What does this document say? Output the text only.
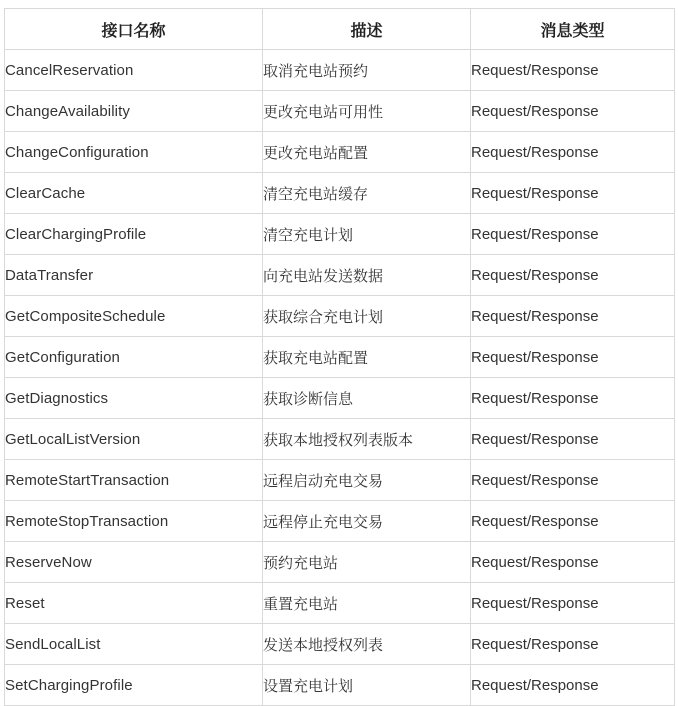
接口名称	描述	消息类型
CancelReservation	取消充电站预约	Request/Response
ChangeAvailability	更改充电站可用性	Request/Response
ChangeConfiguration	更改充电站配置	Request/Response
ClearCache	清空充电站缓存	Request/Response
ClearChargingProfile	清空充电计划	Request/Response
DataTransfer	向充电站发送数据	Request/Response
GetCompositeSchedule	获取综合充电计划	Request/Response
GetConfiguration	获取充电站配置	Request/Response
GetDiagnostics	获取诊断信息	Request/Response
GetLocalListVersion	获取本地授权列表版本	Request/Response
RemoteStartTransaction	远程启动充电交易	Request/Response
RemoteStopTransaction	远程停止充电交易	Request/Response
ReserveNow	预约充电站	Request/Response
Reset	重置充电站	Request/Response
SendLocalList	发送本地授权列表	Request/Response
SetChargingProfile	设置充电计划	Request/Response
